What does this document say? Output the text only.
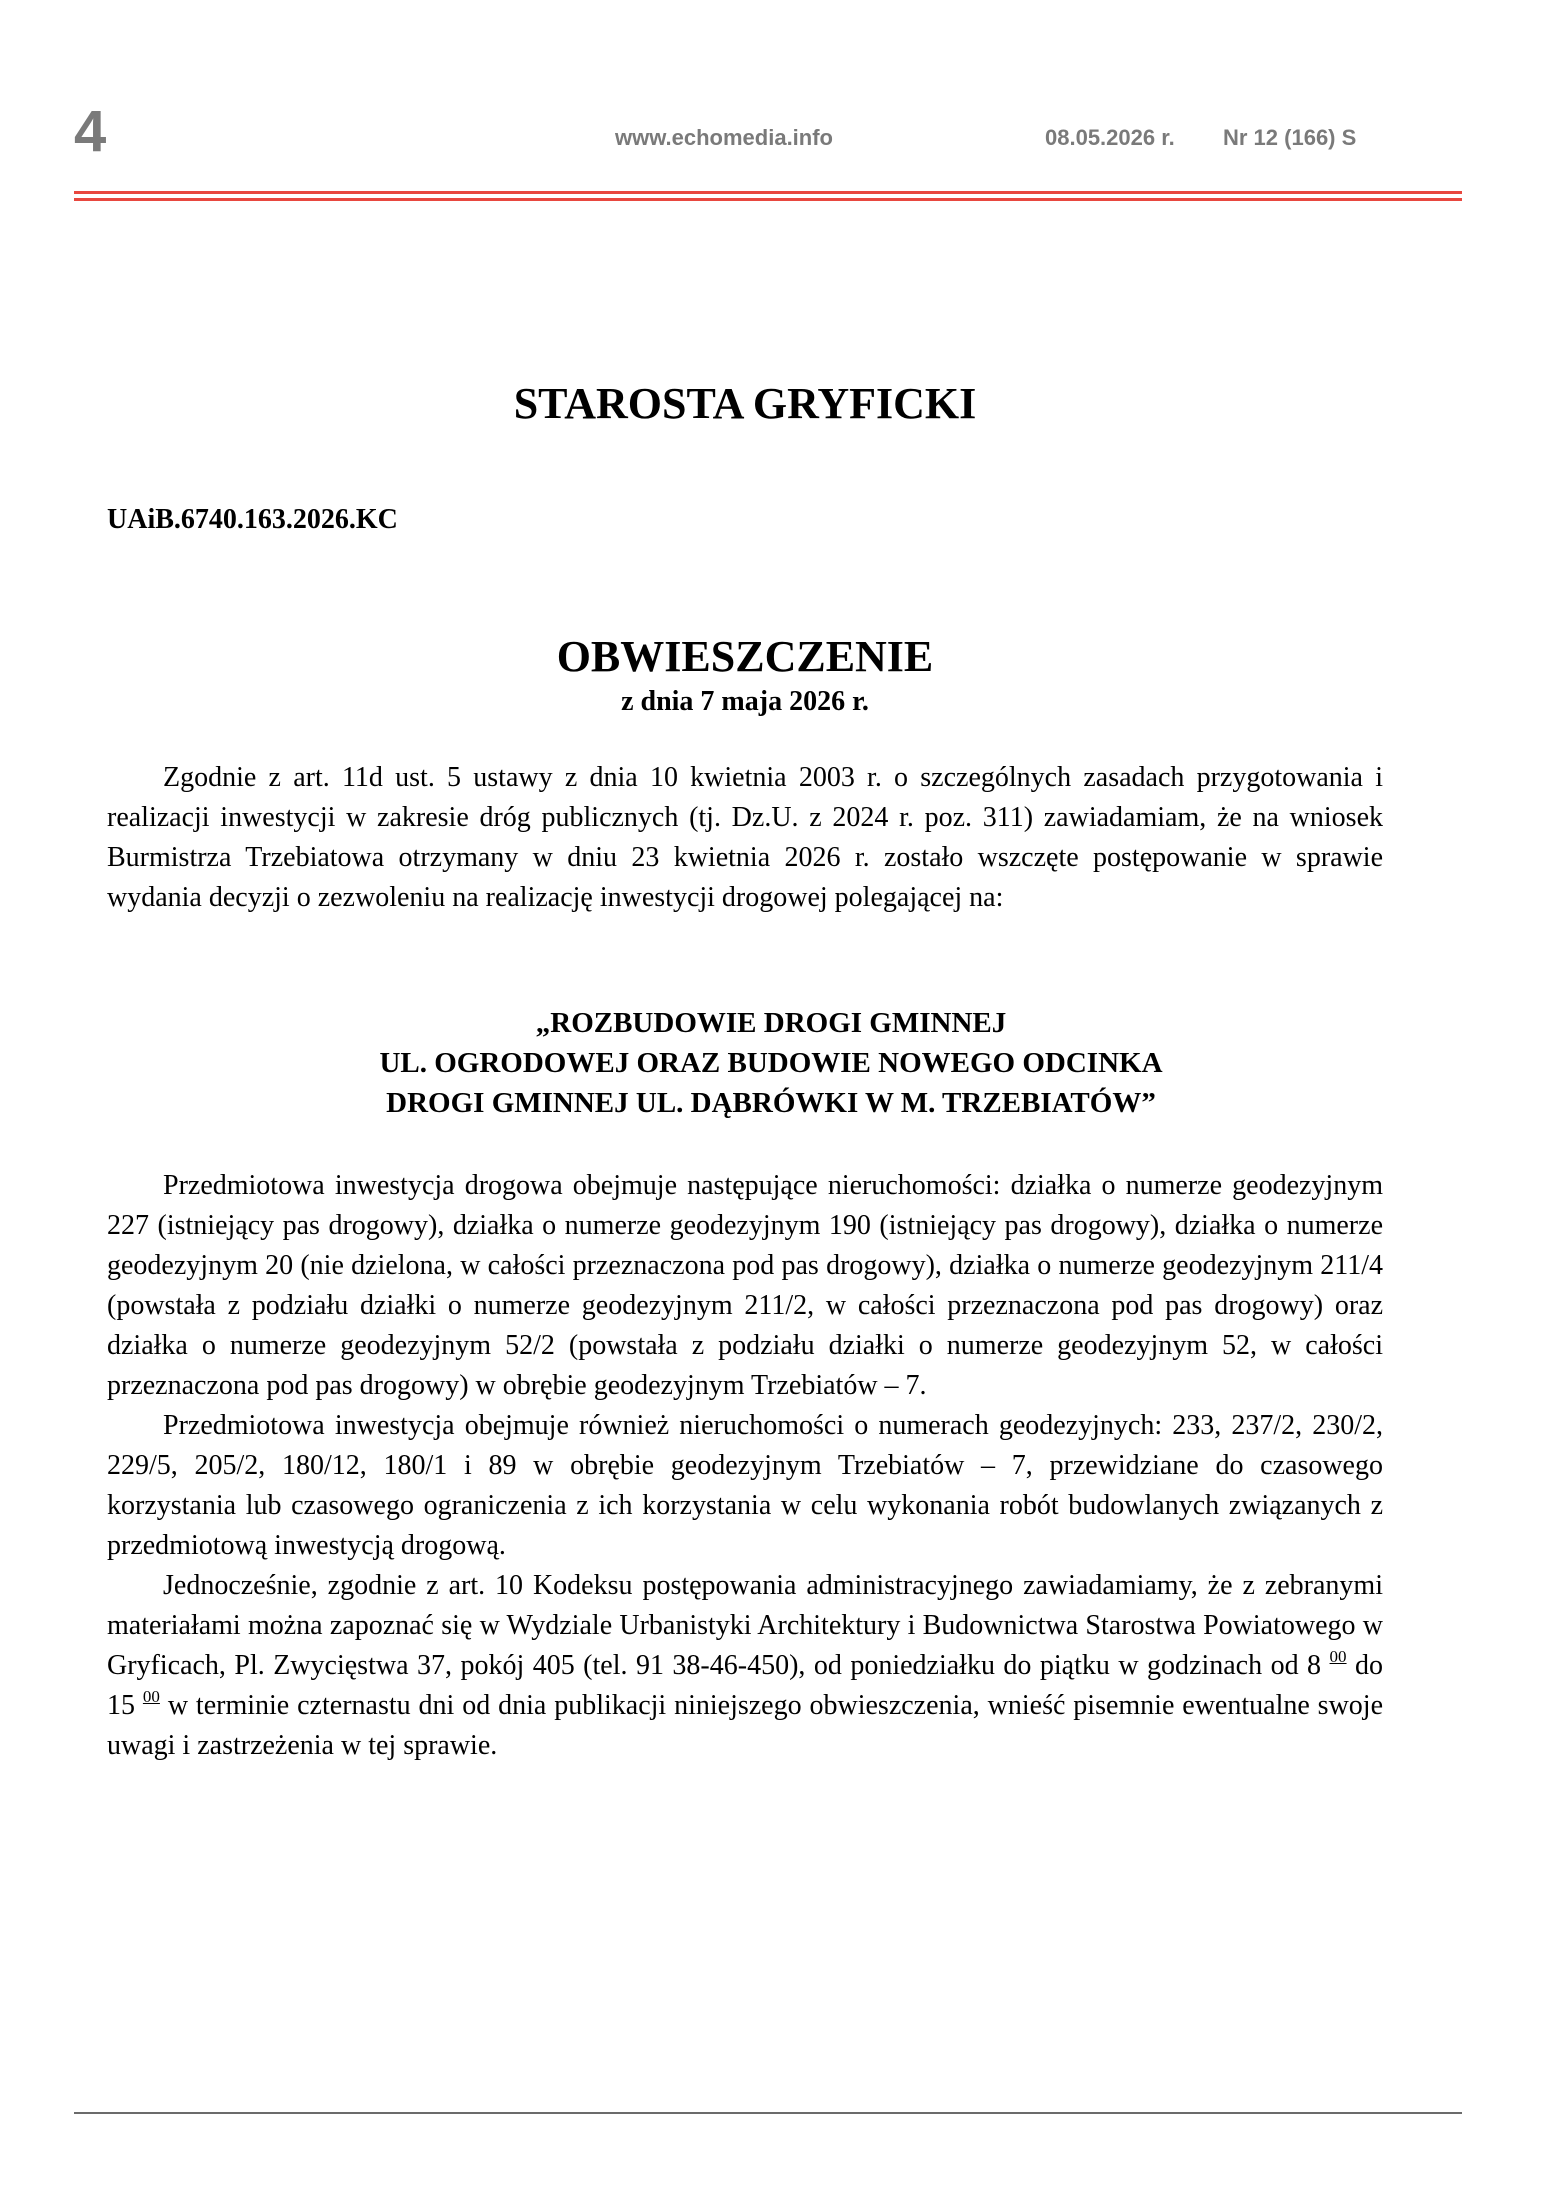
4	www.echomedia.info	08.05.2026 r. Nr 12 (166) S
STAROSTA GRYFICKI
UAiB.6740.163.2026.KC
OBWIESZCZENIE
z dnia 7 maja 2026 r.

Zgodnie z art. 11d ust. 5 ustawy z dnia 10 kwietnia 2003 r. o szczególnych zasadach przygotowania i realizacji inwestycji w zakresie dróg publicznych (tj. Dz.U. z 2024 r. poz. 311) zawiadamiam, że na wniosek Burmistrza Trzebiatowa otrzymany w dniu 23 kwietnia 2026 r. zostało wszczęte postępowanie w sprawie wydania decyzji o zezwoleniu na realizację inwestycji drogowej polegającej na:

„ROZBUDOWIE DROGI GMINNEJ
UL. OGRODOWEJ ORAZ BUDOWIE NOWEGO ODCINKA
DROGI GMINNEJ UL. DĄBRÓWKI W M. TRZEBIATÓW”

Przedmiotowa inwestycja drogowa obejmuje następujące nieruchomości: działka o numerze geodezyjnym 227 (istniejący pas drogowy), działka o numerze geodezyjnym 190 (istniejący pas drogowy), działka o numerze geodezyjnym 20 (nie dzielona, w całości przeznaczona pod pas drogowy), działka o numerze geodezyjnym 211/4 (powstała z podziału działki o numerze geodezyjnym 211/2, w całości przeznaczona pod pas drogowy) oraz działka o numerze geodezyjnym 52/2 (powstała z podziału działki o numerze geodezyjnym 52, w całości przeznaczona pod pas drogowy) w obrębie geodezyjnym Trzebiatów – 7.

Przedmiotowa inwestycja obejmuje również nieruchomości o numerach geodezyjnych: 233, 237/2, 230/2, 229/5, 205/2, 180/12, 180/1 i 89 w obrębie geodezyjnym Trzebiatów – 7, przewidziane do czasowego korzystania lub czasowego ograniczenia z ich korzystania w celu wykonania robót budowlanych związanych z przedmiotową inwestycją drogową.

Jednocześnie, zgodnie z art. 10 Kodeksu postępowania administracyjnego zawiadamiamy, że z zebranymi materiałami można zapoznać się w Wydziale Urbanistyki Architektury i Budownictwa Starostwa Powiatowego w Gryficach, Pl. Zwycięstwa 37, pokój 405 (tel. 91 38-46-450), od poniedziałku do piątku w godzinach od 8 $^{00}$ do 15 $^{00}$ w terminie czternastu dni od dnia publikacji niniejszego obwieszczenia, wnieść pisemnie ewentualne swoje uwagi i zastrzeżenia w tej sprawie.
